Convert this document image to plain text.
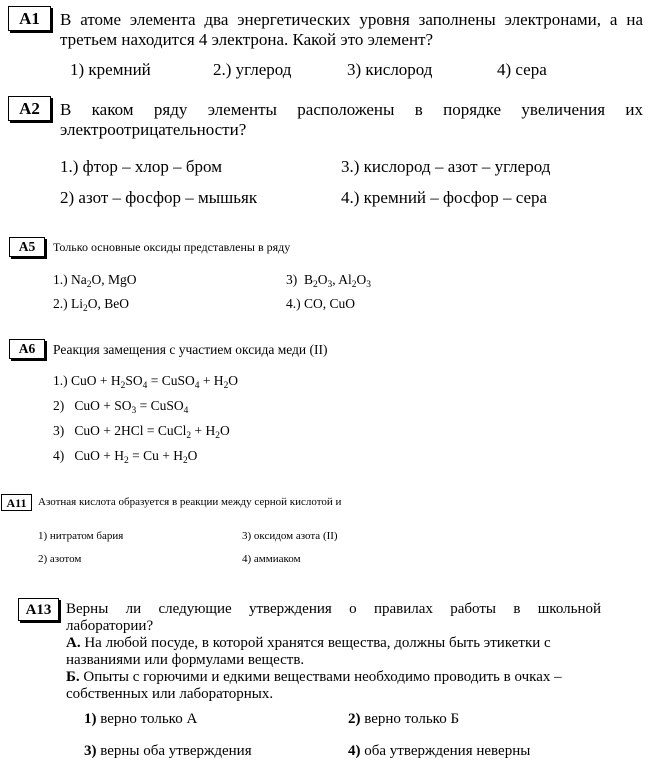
А1	В атоме элемента два энергетических уровня заполнены электронами, а на
третьем находится 4 электрона. Какой это элемент?
1) кремний	2.) углерод	3) кислород	4) сера
А2	В каком ряду элементы расположены в порядке увеличения их
электроотрицательности?
1.) фтор – хлор – бром
2) азот – фосфор – мышьяк
3.) кислород – азот – углерод
4.) кремний – фосфор – сера
А5	Только основные оксиды представлены в ряду
1.) $Na_2O$, MgO
2.) $Li_2O$, BeO
3) $B_2O_3$, $Al_2O_3$
4.) CO, CuO
А6	Реакция замещения с участием оксида меди (II)
1.) CuO + $H_2SO_4$ = CuSO$_4$ + $H_2O$
2) CuO + $SO_3$ = CuSO$_4$
3) CuO + 2HCl = CuCl$_2$ + $H_2O$
4) CuO + $H_2 = Cu + H_2O$
А11	Азотная кислота образуется в реакции между серной кислотой и
1) нитратом бария
2) азотом
3) оксидом азота (II)
4) аммиаком
А13 Верны ли следующие утверждения о правилах работы в школьной
лаборатории?
А. На любой посуде, в которой хранятся вещества, должны быть этикетки с
названиями или формулами веществ.
Б. Опыты с горючими и едкими веществами необходимо проводить в очках –
собственных или лабораторных.
1) верно только А	2) верно только Б
3) верны оба утверждения	4) оба утверждения неверны
